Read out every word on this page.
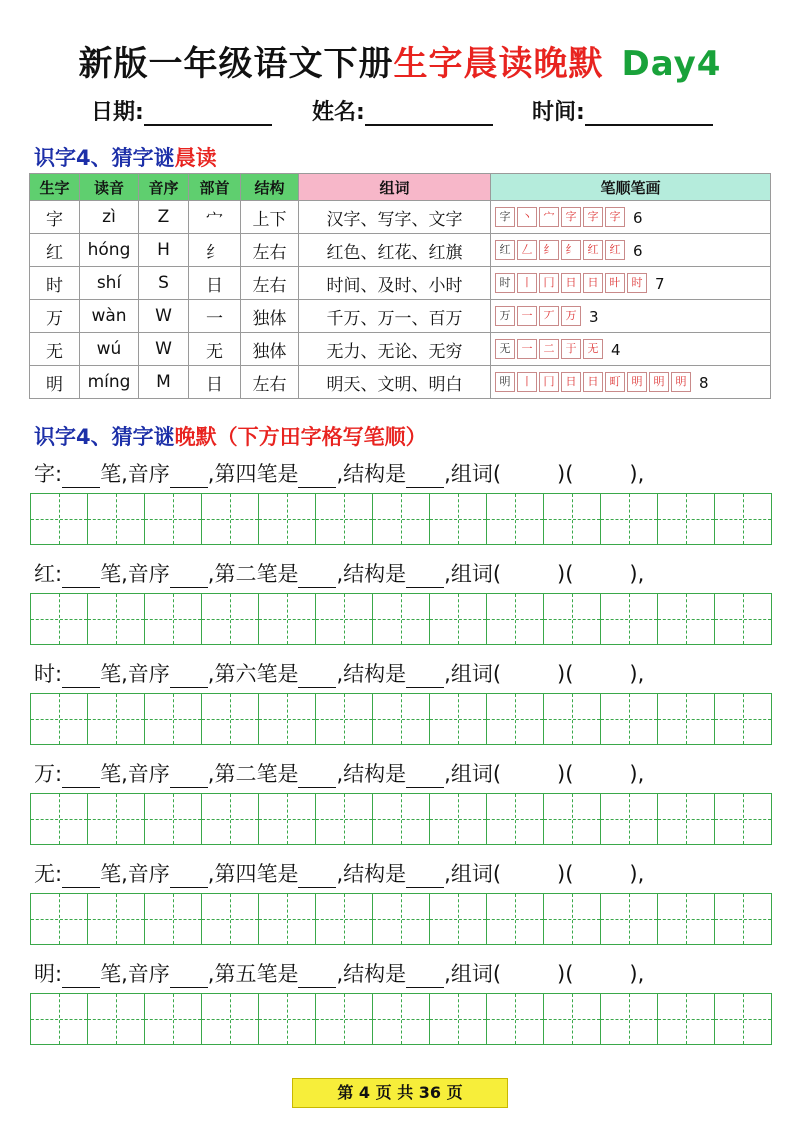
新版一年级语文下册生字晨读晚默 Day4
日期:	姓名:	时间:
识字4、猜字谜晨读
生字	读音	音序	部首	结构	组词	笔顺笔画
字	zì	Z	宀	上下	汉字、写字、文字	字 丶 宀 字 字 字 6
红	hóng	H	纟	左右	红色、红花、红旗	红 𠃋 纟 纟 红 红 6
时	shí	S	日	左右	时间、及时、小时	时 丨 冂 日 日 旪 时 7
万	wàn	W	一	独体	千万、万一、百万	万 一 丆 万 3
无	wú	W	无	独体	无力、无论、无穷	无 一 二 于 无 4
明	míng	M	日	左右	明天、文明、明白	明 丨 冂 日 日 町 明 明 明 8
识字4、猜字谜晚默（下方田字格写笔顺）
字: 笔,音序 ,第四笔是 ,结构是 ,组词(	)(	),
红: 笔,音序 ,第二笔是 ,结构是 ,组词(	)(	),
时: 笔,音序 ,第六笔是 ,结构是 ,组词(	)(	),
万: 笔,音序 ,第二笔是 ,结构是 ,组词(	)(	),
无: 笔,音序 ,第四笔是 ,结构是 ,组词(	)(	),
明: 笔,音序 ,第五笔是 ,结构是 ,组词(	)(	),
第 4 页 共 36 页
